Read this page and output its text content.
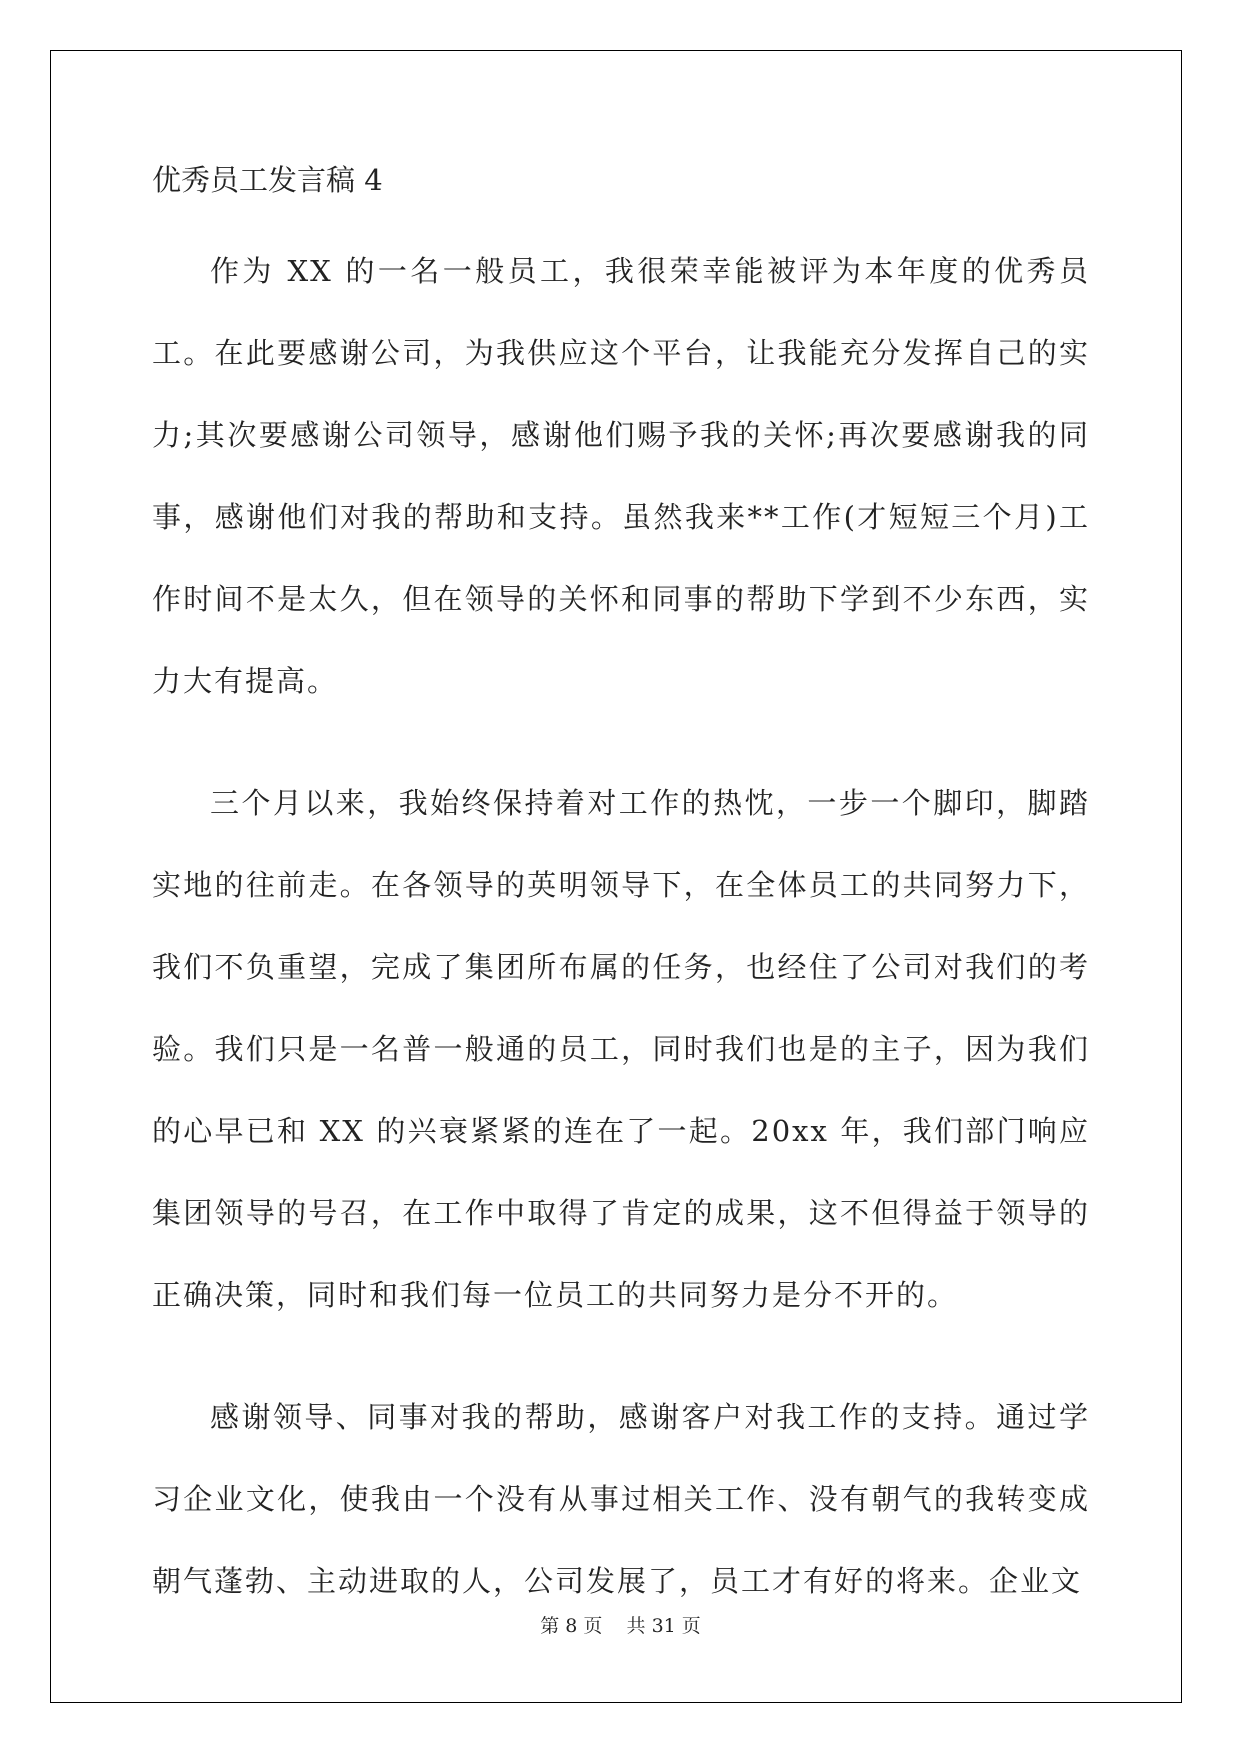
优秀员工发言稿 4

作为 XX 的一名一般员工，我很荣幸能被评为本年度的优秀员工。在此要感谢公司，为我供应这个平台，让我能充分发挥自己的实力;其次要感谢公司领导，感谢他们赐予我的关怀;再次要感谢我的同事，感谢他们对我的帮助和支持。虽然我来**工作(才短短三个月)工作时间不是太久，但在领导的关怀和同事的帮助下学到不少东西，实力大有提高。

三个月以来，我始终保持着对工作的热忱，一步一个脚印，脚踏实地的往前走。在各领导的英明领导下，在全体员工的共同努力下，我们不负重望，完成了集团所布属的任务，也经住了公司对我们的考验。我们只是一名普一般通的员工，同时我们也是的主子，因为我们的心早已和 XX 的兴衰紧紧的连在了一起。20xx 年，我们部门响应集团领导的号召，在工作中取得了肯定的成果，这不但得益于领导的正确决策，同时和我们每一位员工的共同努力是分不开的。

感谢领导、同事对我的帮助，感谢客户对我工作的支持。通过学习企业文化，使我由一个没有从事过相关工作、没有朝气的我转变成朝气蓬勃、主动进取的人，公司发展了，员工才有好的将来。企业文

第 8 页    共 31 页
